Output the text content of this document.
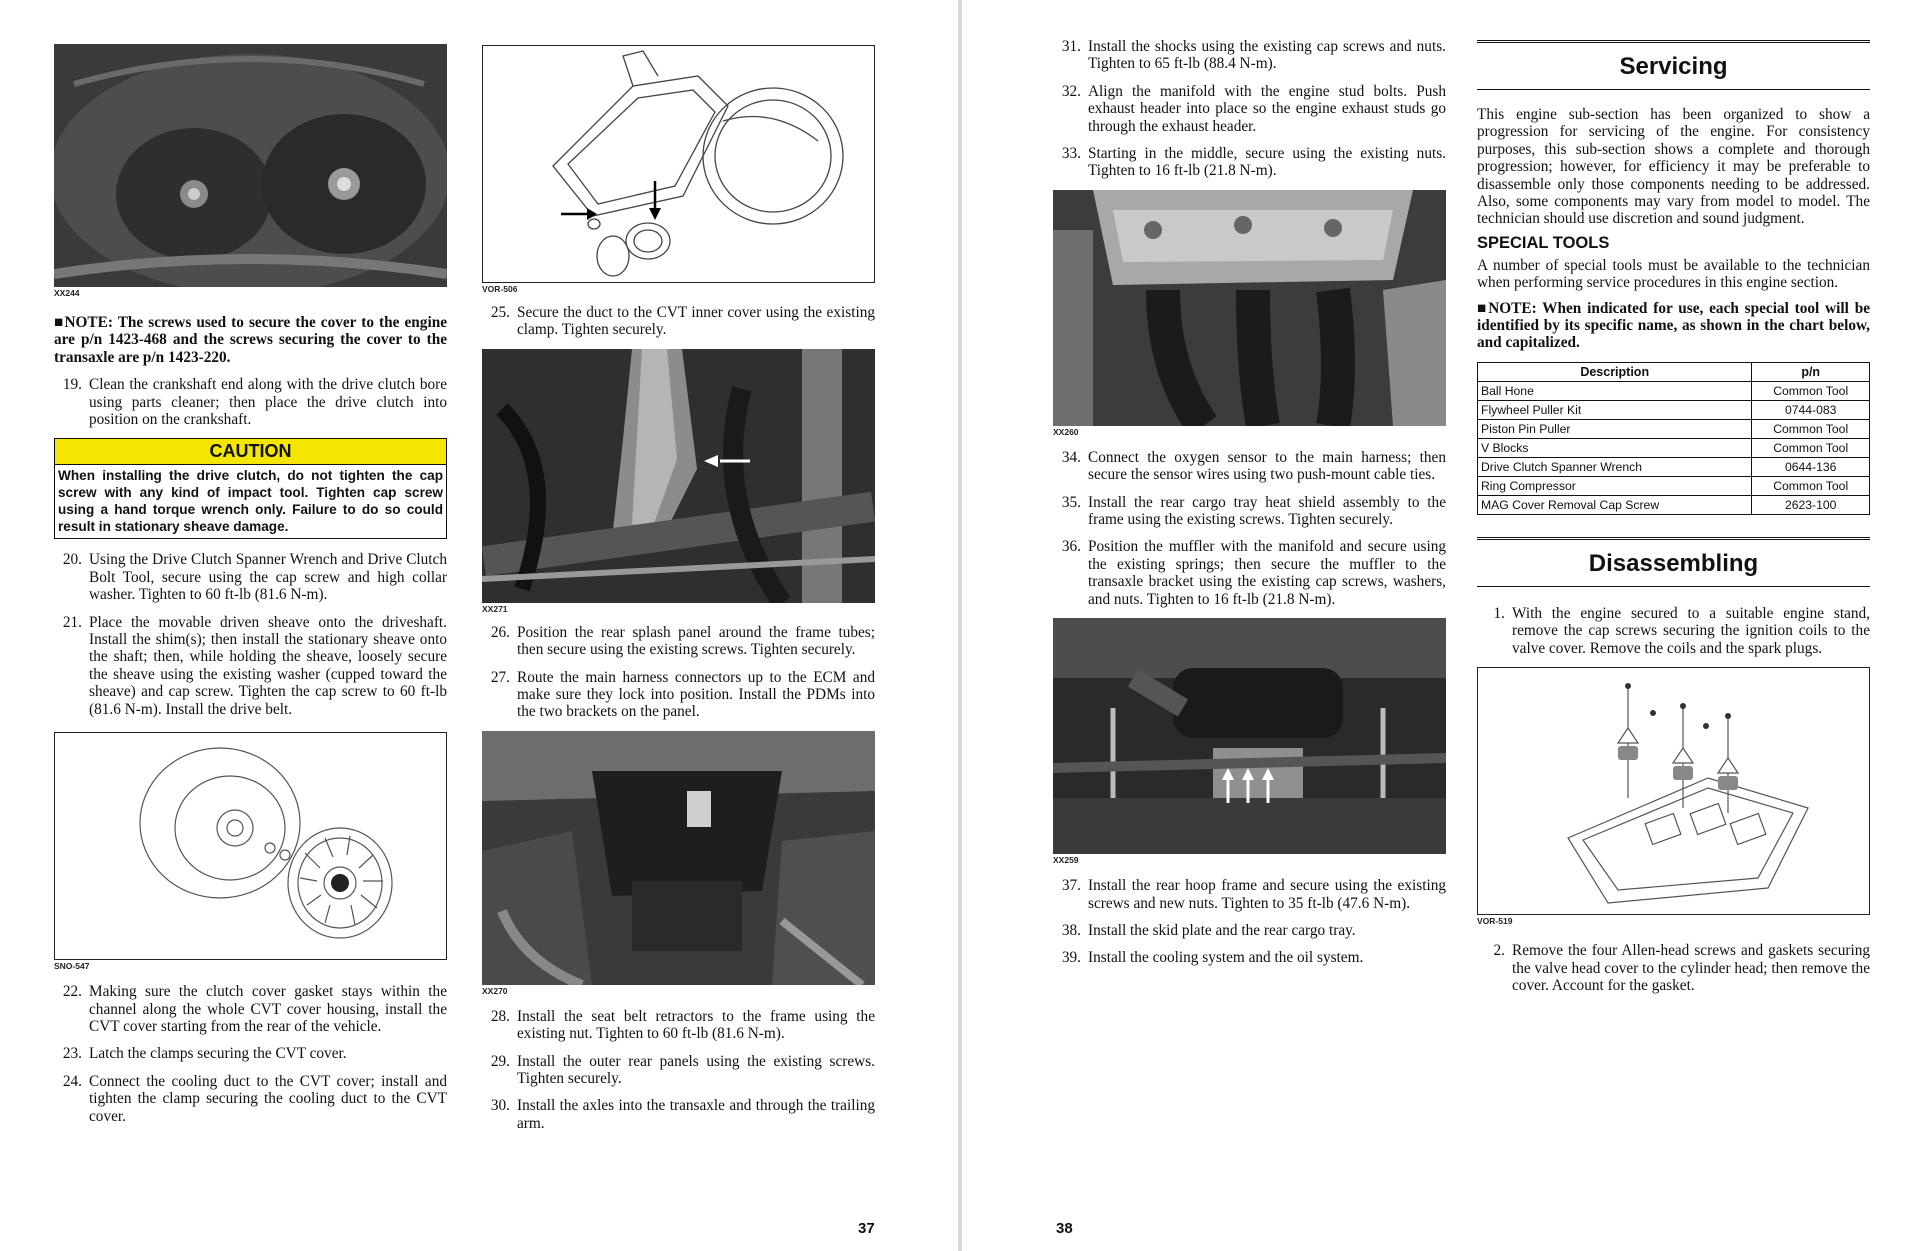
XX244
■NOTE: The screws used to secure the cover to the engine are p/n 1423-468 and the screws securing the cover to the transaxle are p/n 1423-220.
19. Clean the crankshaft end along with the drive clutch bore using parts cleaner; then place the drive clutch into position on the crankshaft.
CAUTION
When installing the drive clutch, do not tighten the cap screw with any kind of impact tool. Tighten cap screw using a hand torque wrench only. Failure to do so could result in stationary sheave damage.
20. Using the Drive Clutch Spanner Wrench and Drive Clutch Bolt Tool, secure using the cap screw and high collar washer. Tighten to 60 ft-lb (81.6 N-m).
21. Place the movable driven sheave onto the driveshaft. Install the shim(s); then install the stationary sheave onto the shaft; then, while holding the sheave, loosely secure the sheave using the existing washer (cupped toward the sheave) and cap screw. Tighten the cap screw to 60 ft-lb (81.6 N-m). Install the drive belt.
SNO-547
22. Making sure the clutch cover gasket stays within the channel along the whole CVT cover housing, install the CVT cover starting from the rear of the vehicle.
23. Latch the clamps securing the CVT cover.
24. Connect the cooling duct to the CVT cover; install and tighten the clamp securing the cooling duct to the CVT cover.
VOR-506
25. Secure the duct to the CVT inner cover using the existing clamp. Tighten securely.
XX271
26. Position the rear splash panel around the frame tubes; then secure using the existing screws. Tighten securely.
27. Route the main harness connectors up to the ECM and make sure they lock into position. Install the PDMs into the two brackets on the panel.
XX270
28. Install the seat belt retractors to the frame using the existing nut. Tighten to 60 ft-lb (81.6 N-m).
29. Install the outer rear panels using the existing screws. Tighten securely.
30. Install the axles into the transaxle and through the trailing arm.
37
31. Install the shocks using the existing cap screws and nuts. Tighten to 65 ft-lb (88.4 N-m).
32. Align the manifold with the engine stud bolts. Push exhaust header into place so the engine exhaust studs go through the exhaust header.
33. Starting in the middle, secure using the existing nuts. Tighten to 16 ft-lb (21.8 N-m).
XX260
34. Connect the oxygen sensor to the main harness; then secure the sensor wires using two push-mount cable ties.
35. Install the rear cargo tray heat shield assembly to the frame using the existing screws. Tighten securely.
36. Position the muffler with the manifold and secure using the existing springs; then secure the muffler to the transaxle bracket using the existing cap screws, washers, and nuts. Tighten to 16 ft-lb (21.8 N-m).
XX259
37. Install the rear hoop frame and secure using the existing screws and new nuts. Tighten to 35 ft-lb (47.6 N-m).
38. Install the skid plate and the rear cargo tray.
39. Install the cooling system and the oil system.
Servicing

This engine sub-section has been organized to show a progression for servicing of the engine. For consistency purposes, this sub-section shows a complete and thorough progression; however, for efficiency it may be preferable to disassemble only those components needing to be addressed. Also, some components may vary from model to model. The technician should use discretion and sound judgment.

SPECIAL TOOLS

A number of special tools must be available to the technician when performing service procedures in this engine section.

■NOTE: When indicated for use, each special tool will be identified by its specific name, as shown in the chart below, and capitalized.
Description	p/n
Ball Hone	Common Tool
Flywheel Puller Kit	0744-083
Piston Pin Puller	Common Tool
V Blocks	Common Tool
Drive Clutch Spanner Wrench	0644-136
Ring Compressor	Common Tool
MAG Cover Removal Cap Screw	2623-100
Disassembling
1. With the engine secured to a suitable engine stand, remove the cap screws securing the ignition coils to the valve cover. Remove the coils and the spark plugs.
VOR-519
2. Remove the four Allen-head screws and gaskets securing the valve head cover to the cylinder head; then remove the cover. Account for the gasket.
38
